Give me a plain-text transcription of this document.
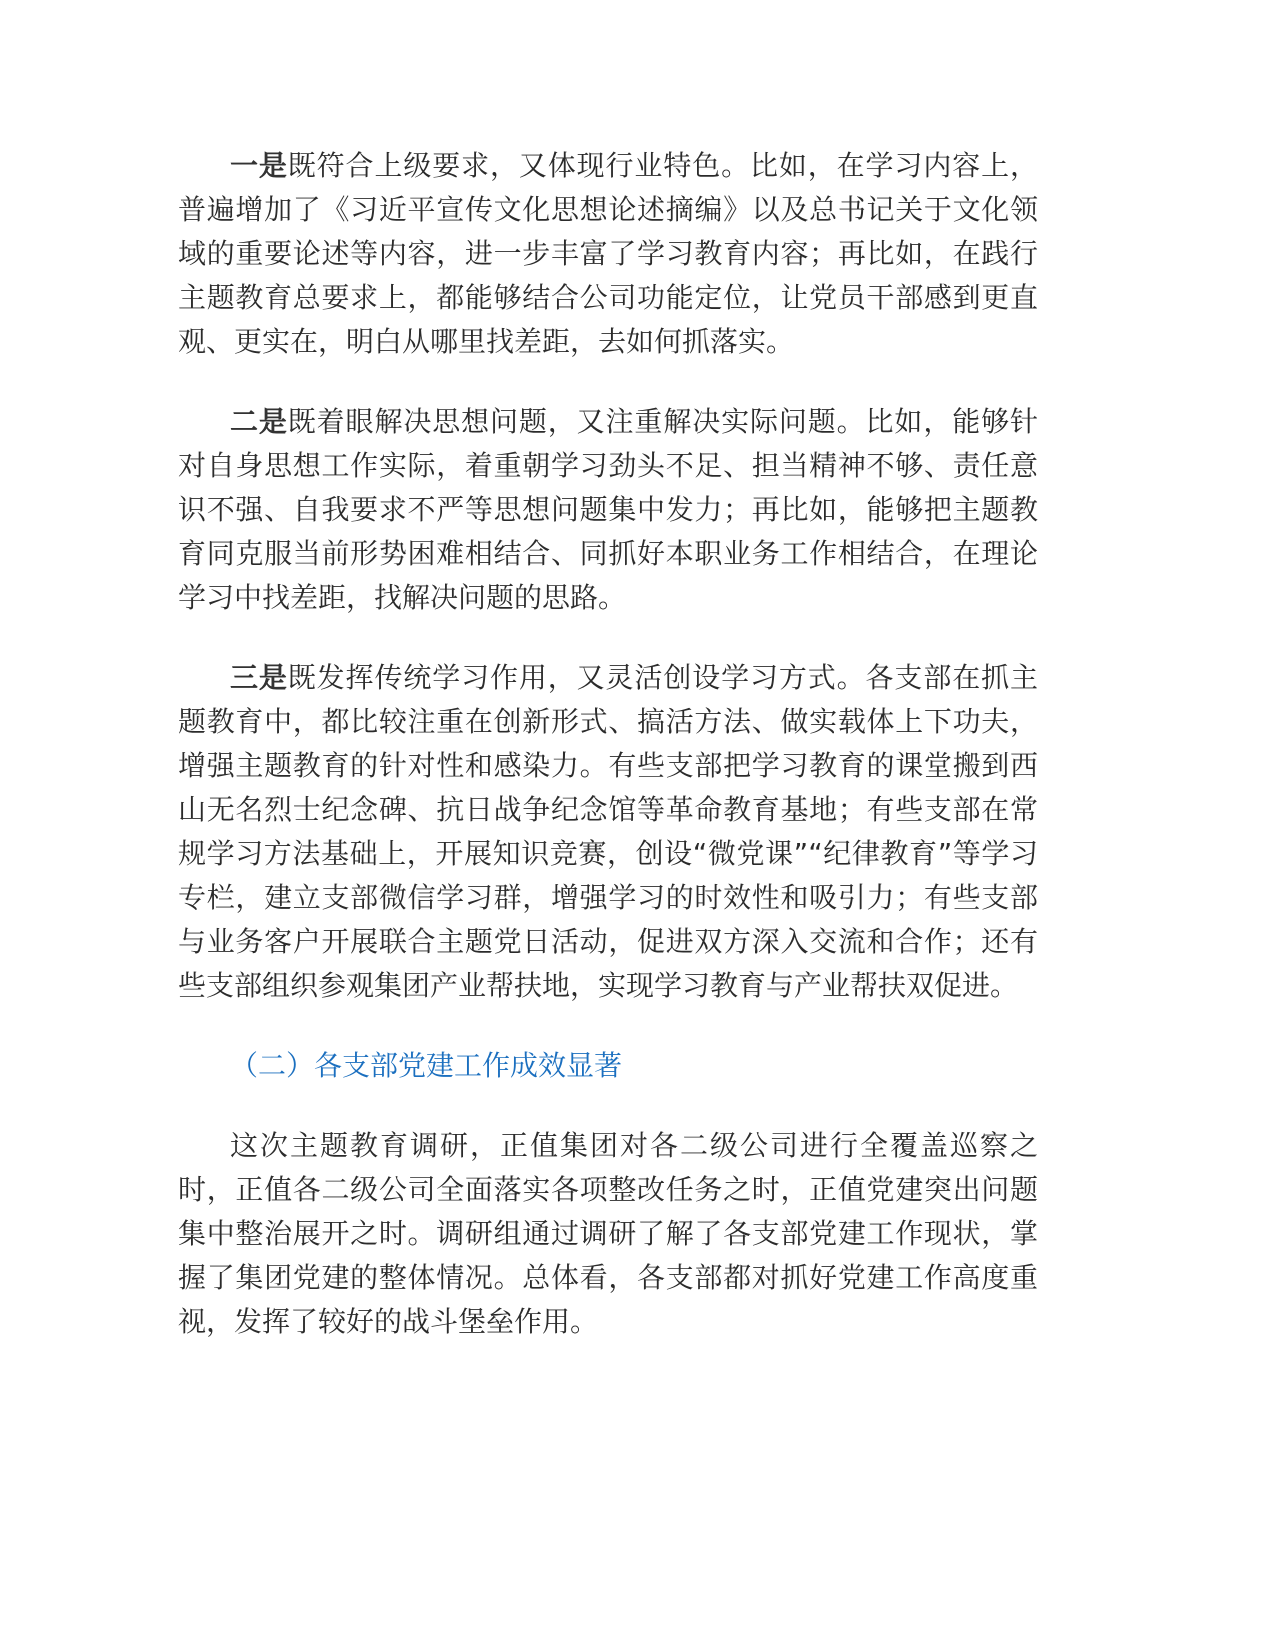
一是既符合上级要求，又体现行业特色。比如，在学习内容上，普遍增加了《习近平宣传文化思想论述摘编》以及总书记关于文化领域的重要论述等内容，进一步丰富了学习教育内容；再比如，在践行主题教育总要求上，都能够结合公司功能定位，让党员干部感到更直观、更实在，明白从哪里找差距，去如何抓落实。

二是既着眼解决思想问题，又注重解决实际问题。比如，能够针对自身思想工作实际，着重朝学习劲头不足、担当精神不够、责任意识不强、自我要求不严等思想问题集中发力；再比如，能够把主题教育同克服当前形势困难相结合、同抓好本职业务工作相结合，在理论学习中找差距，找解决问题的思路。

三是既发挥传统学习作用，又灵活创设学习方式。各支部在抓主题教育中，都比较注重在创新形式、搞活方法、做实载体上下功夫，增强主题教育的针对性和感染力。有些支部把学习教育的课堂搬到西山无名烈士纪念碑、抗日战争纪念馆等革命教育基地；有些支部在常规学习方法基础上，开展知识竞赛，创设“微党课”“纪律教育”等学习专栏，建立支部微信学习群，增强学习的时效性和吸引力；有些支部与业务客户开展联合主题党日活动，促进双方深入交流和合作；还有些支部组织参观集团产业帮扶地，实现学习教育与产业帮扶双促进。

（二）各支部党建工作成效显著

这次主题教育调研，正值集团对各二级公司进行全覆盖巡察之时，正值各二级公司全面落实各项整改任务之时，正值党建突出问题集中整治展开之时。调研组通过调研了解了各支部党建工作现状，掌握了集团党建的整体情况。总体看，各支部都对抓好党建工作高度重视，发挥了较好的战斗堡垒作用。
